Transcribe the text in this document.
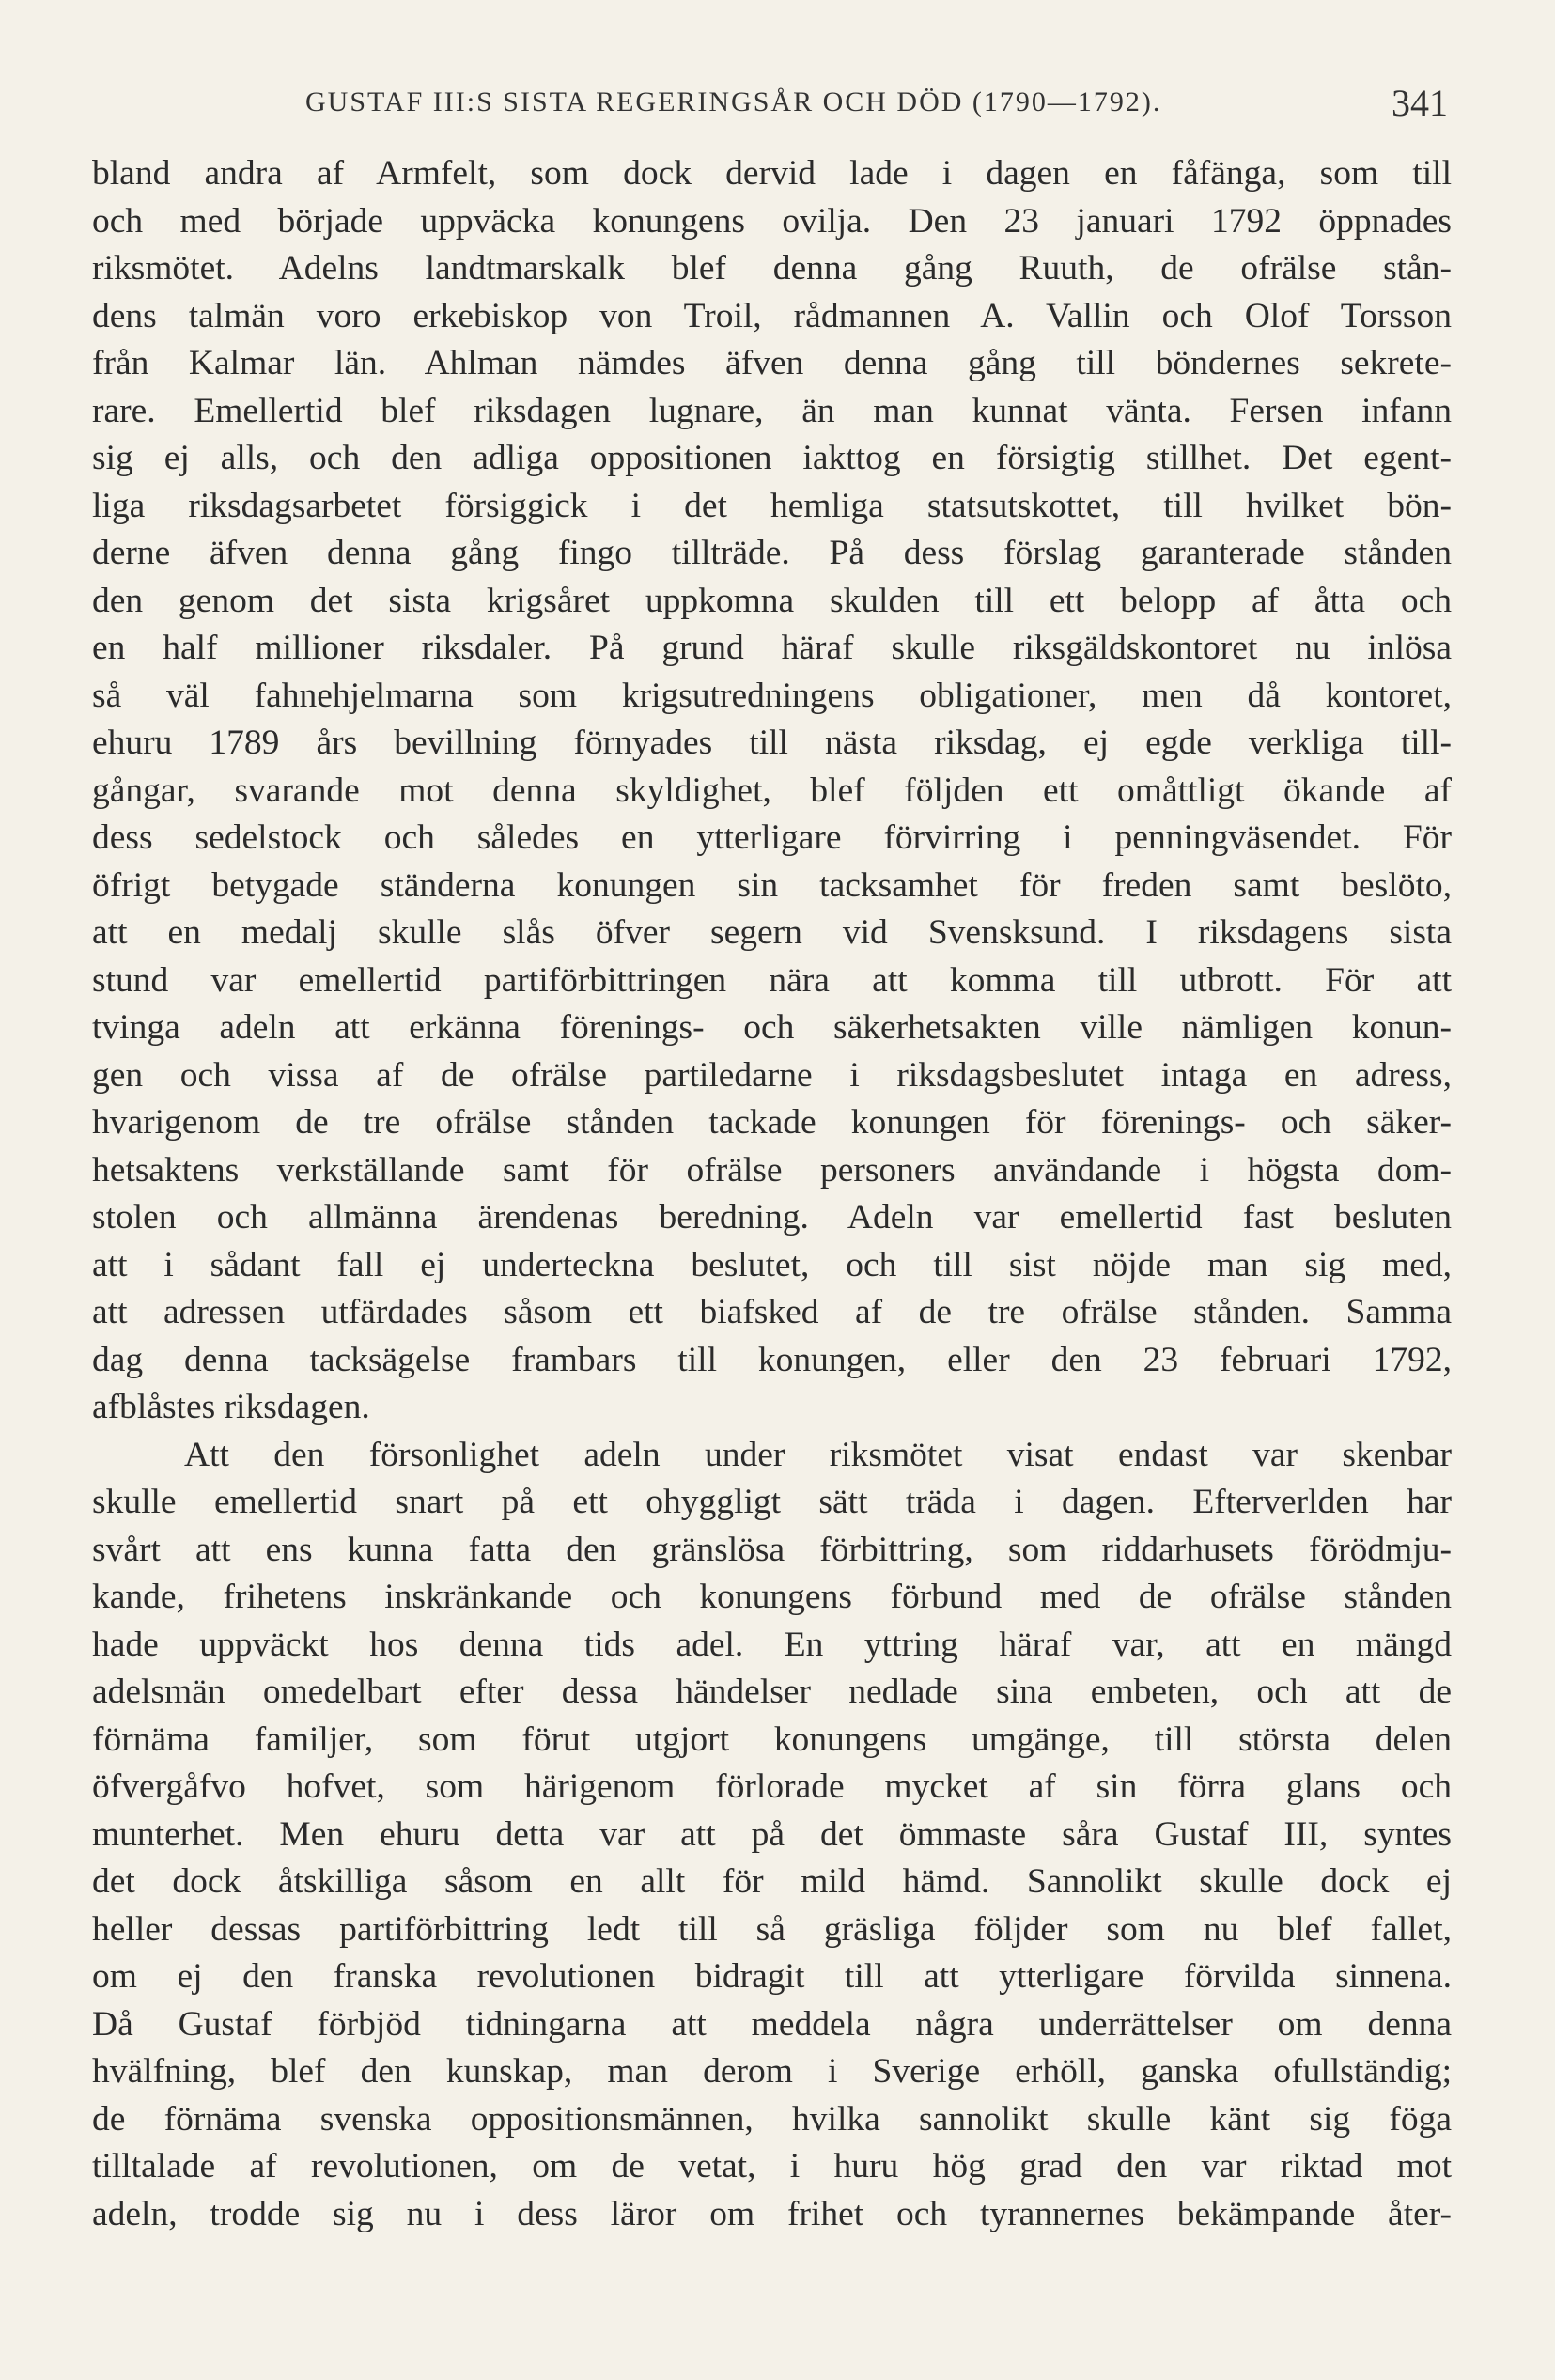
GUSTAF III:S SISTA REGERINGSÅR OCH DÖD (1790—1792).	341
bland andra af Armfelt, som dock dervid lade i dagen en fåfänga, som till
och med började uppväcka konungens ovilja. Den 23 januari 1792 öppnades
riksmötet. Adelns landtmarskalk blef denna gång Ruuth, de ofrälse stån-
dens talmän voro erkebiskop von Troil, rådmannen A. Vallin och Olof Torsson
från Kalmar län. Ahlman nämdes äfven denna gång till böndernes sekrete-
rare. Emellertid blef riksdagen lugnare, än man kunnat vänta. Fersen infann
sig ej alls, och den adliga oppositionen iakttog en försigtig stillhet. Det egent-
liga riksdagsarbetet försiggick i det hemliga statsutskottet, till hvilket bön-
derne äfven denna gång fingo tillträde. På dess förslag garanterade stånden
den genom det sista krigsåret uppkomna skulden till ett belopp af åtta och
en half millioner riksdaler. På grund häraf skulle riksgäldskontoret nu inlösa
så väl fahnehjelmarna som krigsutredningens obligationer, men då kontoret,
ehuru 1789 års bevillning förnyades till nästa riksdag, ej egde verkliga till-
gångar, svarande mot denna skyldighet, blef följden ett omåttligt ökande af
dess sedelstock och således en ytterligare förvirring i penningväsendet. För
öfrigt betygade ständerna konungen sin tacksamhet för freden samt beslöto,
att en medalj skulle slås öfver segern vid Svensksund. I riksdagens sista
stund var emellertid partiförbittringen nära att komma till utbrott. För att
tvinga adeln att erkänna förenings- och säkerhetsakten ville nämligen konun-
gen och vissa af de ofrälse partiledarne i riksdagsbeslutet intaga en adress,
hvarigenom de tre ofrälse stånden tackade konungen för förenings- och säker-
hetsaktens verkställande samt för ofrälse personers användande i högsta dom-
stolen och allmänna ärendenas beredning. Adeln var emellertid fast besluten
att i sådant fall ej underteckna beslutet, och till sist nöjde man sig med,
att adressen utfärdades såsom ett biafsked af de tre ofrälse stånden. Samma
dag denna tacksägelse frambars till konungen, eller den 23 februari 1792,
afblåstes riksdagen.
Att den försonlighet adeln under riksmötet visat endast var skenbar
skulle emellertid snart på ett ohyggligt sätt träda i dagen. Efterverlden har
svårt att ens kunna fatta den gränslösa förbittring, som riddarhusets förödmju-
kande, frihetens inskränkande och konungens förbund med de ofrälse stånden
hade uppväckt hos denna tids adel. En yttring häraf var, att en mängd
adelsmän omedelbart efter dessa händelser nedlade sina embeten, och att de
förnäma familjer, som förut utgjort konungens umgänge, till största delen
öfvergåfvo hofvet, som härigenom förlorade mycket af sin förra glans och
munterhet. Men ehuru detta var att på det ömmaste såra Gustaf III, syntes
det dock åtskilliga såsom en allt för mild hämd. Sannolikt skulle dock ej
heller dessas partiförbittring ledt till så gräsliga följder som nu blef fallet,
om ej den franska revolutionen bidragit till att ytterligare förvilda sinnena.
Då Gustaf förbjöd tidningarna att meddela några underrättelser om denna
hvälfning, blef den kunskap, man derom i Sverige erhöll, ganska ofullständig;
de förnäma svenska oppositionsmännen, hvilka sannolikt skulle känt sig föga
tilltalade af revolutionen, om de vetat, i huru hög grad den var riktad mot
adeln, trodde sig nu i dess läror om frihet och tyrannernes bekämpande åter-
